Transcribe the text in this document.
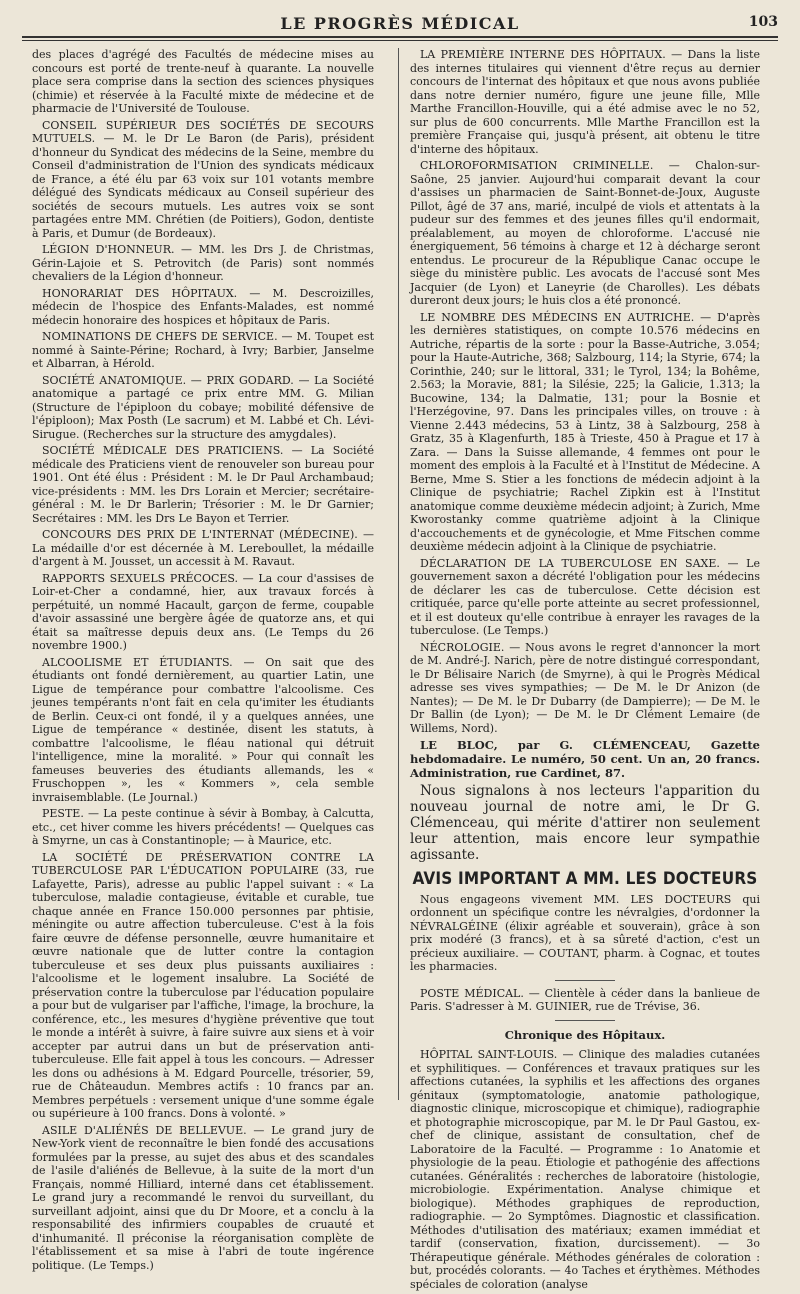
LE PROGRÈS MÉDICAL	103

des places d'agrégé des Facultés de médecine mises au concours est porté de trente-neuf à quarante. La nouvelle place sera comprise dans la section des sciences physiques (chimie) et réservée à la Faculté mixte de médecine et de pharmacie de l'Université de Toulouse.

CONSEIL SUPÉRIEUR DES SOCIÉTÉS DE SECOURS MUTUELS. — M. le Dr Le Baron (de Paris), président d'honneur du Syndicat des médecins de la Seine, membre du Conseil d'administration de l'Union des syndicats médicaux de France, a été élu par 63 voix sur 101 votants membre délégué des Syndicats médicaux au Conseil supérieur des sociétés de secours mutuels. Les autres voix se sont partagées entre MM. Chrétien (de Poitiers), Godon, dentiste à Paris, et Dumur (de Bordeaux).

LÉGION D'HONNEUR. — MM. les Drs J. de Christmas, Gérin-Lajoie et S. Petrovitch (de Paris) sont nommés chevaliers de la Légion d'honneur.

HONORARIAT DES HÔPITAUX. — M. Descroizilles, médecin de l'hospice des Enfants-Malades, est nommé médecin honoraire des hospices et hôpitaux de Paris.

NOMINATIONS DE CHEFS DE SERVICE. — M. Toupet est nommé à Sainte-Périne; Rochard, à Ivry; Barbier, Janselme et Albarran, à Hérold.

SOCIÉTÉ ANATOMIQUE. — PRIX GODARD. — La Société anatomique a partagé ce prix entre MM. G. Milian (Structure de l'épiploon du cobaye; mobilité défensive de l'épiploon); Max Posth (Le sacrum) et M. Labbé et Ch. Lévi-Sirugue. (Recherches sur la structure des amygdales).

SOCIÉTÉ MÉDICALE DES PRATICIENS. — La Société médicale des Praticiens vient de renouveler son bureau pour 1901. Ont été élus : Président : M. le Dr Paul Archambaud; vice-présidents : MM. les Drs Lorain et Mercier; secrétaire-général : M. le Dr Barlerin; Trésorier : M. le Dr Garnier; Secrétaires : MM. les Drs Le Bayon et Terrier.

CONCOURS DES PRIX DE L'INTERNAT (MÉDECINE). — La médaille d'or est décernée à M. Lereboullet, la médaille d'argent à M. Jousset, un accessit à M. Ravaut.

RAPPORTS SEXUELS PRÉCOCES. — La cour d'assises de Loir-et-Cher a condamné, hier, aux travaux forcés à perpétuité, un nommé Hacault, garçon de ferme, coupable d'avoir assassiné une bergère âgée de quatorze ans, et qui était sa maîtresse depuis deux ans. (Le Temps du 26 novembre 1900.)

ALCOOLISME ET ÉTUDIANTS. — On sait que des étudiants ont fondé dernièrement, au quartier Latin, une Ligue de tempérance pour combattre l'alcoolisme. Ces jeunes tempérants n'ont fait en cela qu'imiter les étudiants de Berlin. Ceux-ci ont fondé, il y a quelques années, une Ligue de tempérance « destinée, disent les statuts, à combattre l'alcoolisme, le fléau national qui détruit l'intelligence, mine la moralité. » Pour qui connaît les fameuses beuveries des étudiants allemands, les « Fruschoppen », les « Kommers », cela semble invraisemblable. (Le Journal.)

PESTE. — La peste continue à sévir à Bombay, à Calcutta, etc., cet hiver comme les hivers précédents! — Quelques cas à Smyrne, un cas à Constantinople; — à Maurice, etc.

LA SOCIÉTÉ DE PRÉSERVATION CONTRE LA TUBERCULOSE PAR L'ÉDUCATION POPULAIRE (33, rue Lafayette, Paris), adresse au public l'appel suivant : « La tuberculose, maladie contagieuse, évitable et curable, tue chaque année en France 150.000 personnes par phtisie, méningite ou autre affection tuberculeuse. C'est à la fois faire œuvre de défense personnelle, œuvre humanitaire et œuvre nationale que de lutter contre la contagion tuberculeuse et ses deux plus puissants auxiliaires : l'alcoolisme et le logement insalubre. La Société de préservation contre la tuberculose par l'éducation populaire a pour but de vulgariser par l'affiche, l'image, la brochure, la conférence, etc., les mesures d'hygiène préventive que tout le monde a intérêt à suivre, à faire suivre aux siens et à voir accepter par autrui dans un but de préservation anti-tuberculeuse. Elle fait appel à tous les concours. — Adresser les dons ou adhésions à M. Edgard Pourcelle, trésorier, 59, rue de Châteaudun. Membres actifs : 10 francs par an. Membres perpétuels : versement unique d'une somme égale ou supérieure à 100 francs. Dons à volonté. »

ASILE D'ALIÉNÉS DE BELLEVUE. — Le grand jury de New-York vient de reconnaître le bien fondé des accusations formulées par la presse, au sujet des abus et des scandales de l'asile d'aliénés de Bellevue, à la suite de la mort d'un Français, nommé Hilliard, interné dans cet établissement. Le grand jury a recommandé le renvoi du surveillant, du surveillant adjoint, ainsi que du Dr Moore, et a conclu à la responsabilité des infirmiers coupables de cruauté et d'inhumanité. Il préconise la réorganisation complète de l'établissement et sa mise à l'abri de toute ingérence politique. (Le Temps.)

LA PREMIÈRE INTERNE DES HÔPITAUX. — Dans la liste des internes titulaires qui viennent d'être reçus au dernier concours de l'internat des hôpitaux et que nous avons publiée dans notre dernier numéro, figure une jeune fille, Mlle Marthe Francillon-Houville, qui a été admise avec le no 52, sur plus de 600 concurrents. Mlle Marthe Francillon est la première Française qui, jusqu'à présent, ait obtenu le titre d'interne des hôpitaux.

CHLOROFORMISATION CRIMINELLE. — Chalon-sur-Saône, 25 janvier. Aujourd'hui comparait devant la cour d'assises un pharmacien de Saint-Bonnet-de-Joux, Auguste Pillot, âgé de 37 ans, marié, inculpé de viols et attentats à la pudeur sur des femmes et des jeunes filles qu'il endormait, préalablement, au moyen de chloroforme. L'accusé nie énergiquement, 56 témoins à charge et 12 à décharge seront entendus. Le procureur de la République Canac occupe le siège du ministère public. Les avocats de l'accusé sont Mes Jacquier (de Lyon) et Laneyrie (de Charolles). Les débats dureront deux jours; le huis clos a été prononcé.

LE NOMBRE DES MÉDECINS EN AUTRICHE. — D'après les dernières statistiques, on compte 10.576 médecins en Autriche, répartis de la sorte : pour la Basse-Autriche, 3.054; pour la Haute-Autriche, 368; Salzbourg, 114; la Styrie, 674; la Corinthie, 240; sur le littoral, 331; le Tyrol, 134; la Bohême, 2.563; la Moravie, 881; la Silésie, 225; la Galicie, 1.313; la Bucowine, 134; la Dalmatie, 131; pour la Bosnie et l'Herzégovine, 97. Dans les principales villes, on trouve : à Vienne 2.443 médecins, 53 à Lintz, 38 à Salzbourg, 258 à Gratz, 35 à Klagenfurth, 185 à Trieste, 450 à Prague et 17 à Zara. — Dans la Suisse allemande, 4 femmes ont pour le moment des emplois à la Faculté et à l'Institut de Médecine. A Berne, Mme S. Stier a les fonctions de médecin adjoint à la Clinique de psychiatrie; Rachel Zipkin est à l'Institut anatomique comme deuxième médecin adjoint; à Zurich, Mme Kworostanky comme quatrième adjoint à la Clinique d'accouchements et de gynécologie, et Mme Fitschen comme deuxième médecin adjoint à la Clinique de psychiatrie.

DÉCLARATION DE LA TUBERCULOSE EN SAXE. — Le gouvernement saxon a décrété l'obligation pour les médecins de déclarer les cas de tuberculose. Cette décision est critiquée, parce qu'elle porte atteinte au secret professionnel, et il est douteux qu'elle contribue à enrayer les ravages de la tuberculose. (Le Temps.)

NÉCROLOGIE. — Nous avons le regret d'annoncer la mort de M. André-J. Narich, père de notre distingué correspondant, le Dr Bélisaire Narich (de Smyrne), à qui le Progrès Médical adresse ses vives sympathies; — De M. le Dr Anizon (de Nantes); — De M. le Dr Dubarry (de Dampierre); — De M. le Dr Ballin (de Lyon); — De M. le Dr Clément Lemaire (de Willems, Nord).

LE BLOC, par G. CLÉMENCEAU, Gazette hebdomadaire. Le numéro, 50 cent. Un an, 20 francs. Administration, rue Cardinet, 87.

Nous signalons à nos lecteurs l'apparition du nouveau journal de notre ami, le Dr G. Clémenceau, qui mérite d'attirer non seulement leur attention, mais encore leur sympathie agissante.

AVIS IMPORTANT A MM. LES DOCTEURS

Nous engageons vivement MM. LES DOCTEURS qui ordonnent un spécifique contre les névralgies, d'ordonner la NÉVRALGÉINE (élixir agréable et souverain), grâce à son prix modéré (3 francs), et à sa sûreté d'action, c'est un précieux auxiliaire. — COUTANT, pharm. à Cognac, et toutes les pharmacies.

POSTE MÉDICAL. — Clientèle à céder dans la banlieue de Paris. S'adresser à M. GUINIER, rue de Trévise, 36.

Chronique des Hôpitaux.

HÔPITAL SAINT-LOUIS. — Clinique des maladies cutanées et syphilitiques. — Conférences et travaux pratiques sur les affections cutanées, la syphilis et les affections des organes génitaux (symptomatologie, anatomie pathologique, diagnostic clinique, microscopique et chimique), radiographie et photographie microscopique, par M. le Dr Paul Gastou, ex-chef de clinique, assistant de consultation, chef de Laboratoire de la Faculté. — Programme : 1o Anatomie et physiologie de la peau. Étiologie et pathogénie des affections cutanées. Généralités : recherches de laboratoire (histologie, microbiologie. Expérimentation. Analyse chimique et biologique). Méthodes graphiques de reproduction, radiographie. — 2o Symptômes. Diagnostic et classification. Méthodes d'utilisation des matériaux; examen immédiat et tardif (conservation, fixation, durcissement). — 3o Thérapeutique générale. Méthodes générales de coloration : but, procédés colorants. — 4o Taches et érythèmes. Méthodes spéciales de coloration (analyse
